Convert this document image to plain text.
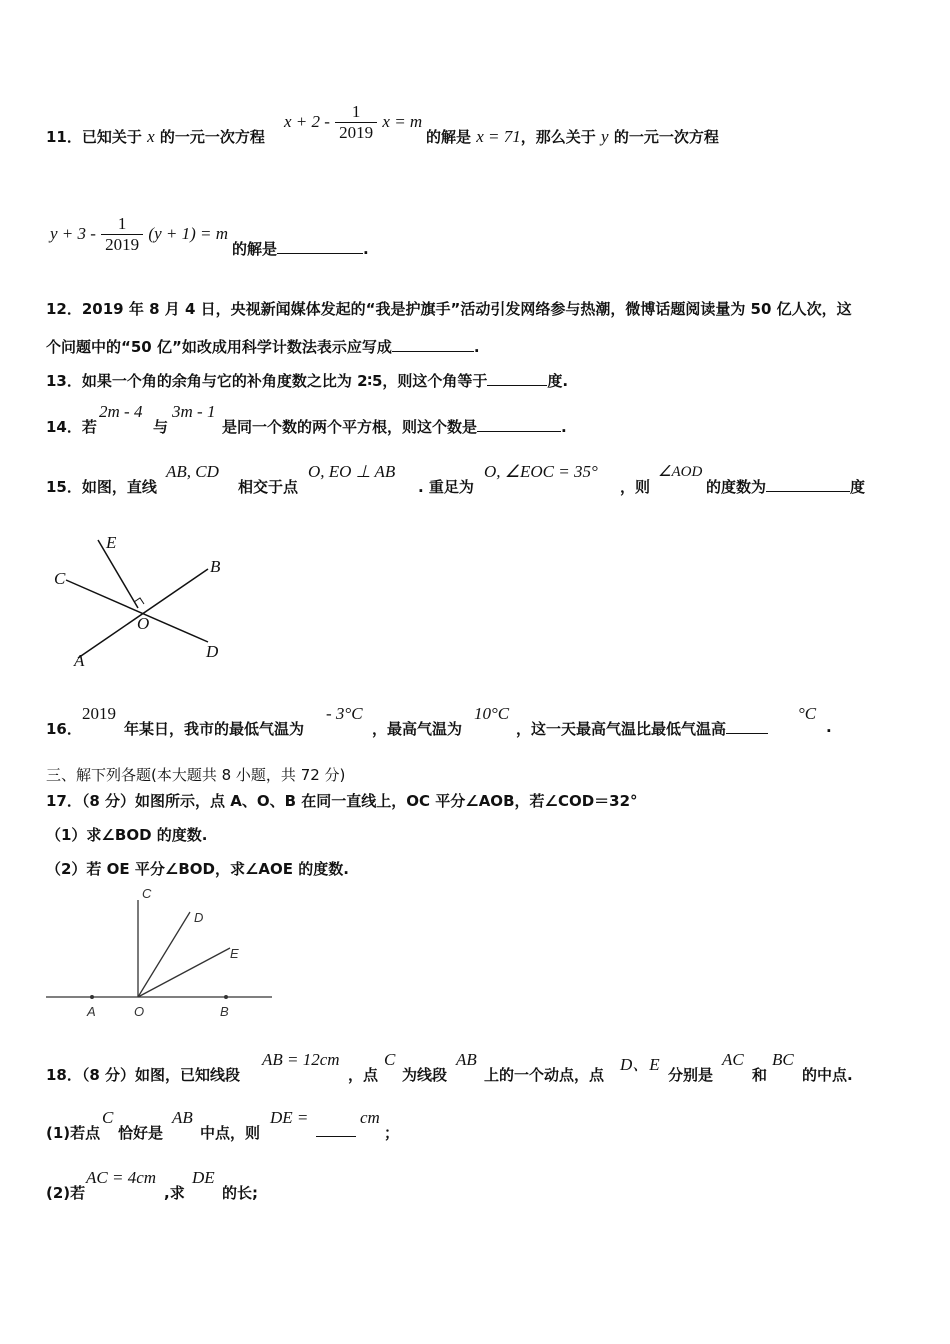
11．已知关于 x 的一元一次方程
$x + 2 - \frac{1}{2019}$ x = m
的解是 x = 71，那么关于 y 的一元一次方程
$y + 3 - \frac{1}{2019} (y + 1) = m$
的解是	.
12．2019 年 8 月 4 日，央视新闻媒体发起的“我是护旗手”活动引发网络参与热潮，微博话题阅读量为 50 亿人次，这
个问题中的“50 亿”如改成用科学计数法表示应写成	.
13．如果一个角的余角与它的补角度数之比为 2∶5，则这个角等于	度.
14．若
2m - 4
与
3m - 1
是同一个数的两个平方根，则这个数是	.
15．如图，直线
AB, CD
相交于点
O, EO ⊥ AB
. 重足为
O, ∠EOC = 35°
，则
∠AOD
的度数为	度
E
C
B
O
A	D
16．
2019
年某日，我市的最低气温为
- 3°C
，最高气温为
10°C
，这一天最高气温比最低气温高
°C
.
三、解下列各题(本大题共 8 小题，共 72 分)
17．（8 分）如图所示，点 A、O、B 在同一直线上，OC 平分∠AOB，若∠COD＝32°
（1）求∠BOD 的度数.
（2）若 OE 平分∠BOD，求∠AOE 的度数.
C
D
E
A	O	B
18．（8 分）如图，已知线段
AB = 12cm
，点
C
为线段
AB
上的一个动点，点
D、E
分别是
AC
和
BC
的中点.
(1)若点
C
恰好是
AB
中点，则
DE =	cm
；
(2)若
AC = 4cm
,求
DE
的长;
